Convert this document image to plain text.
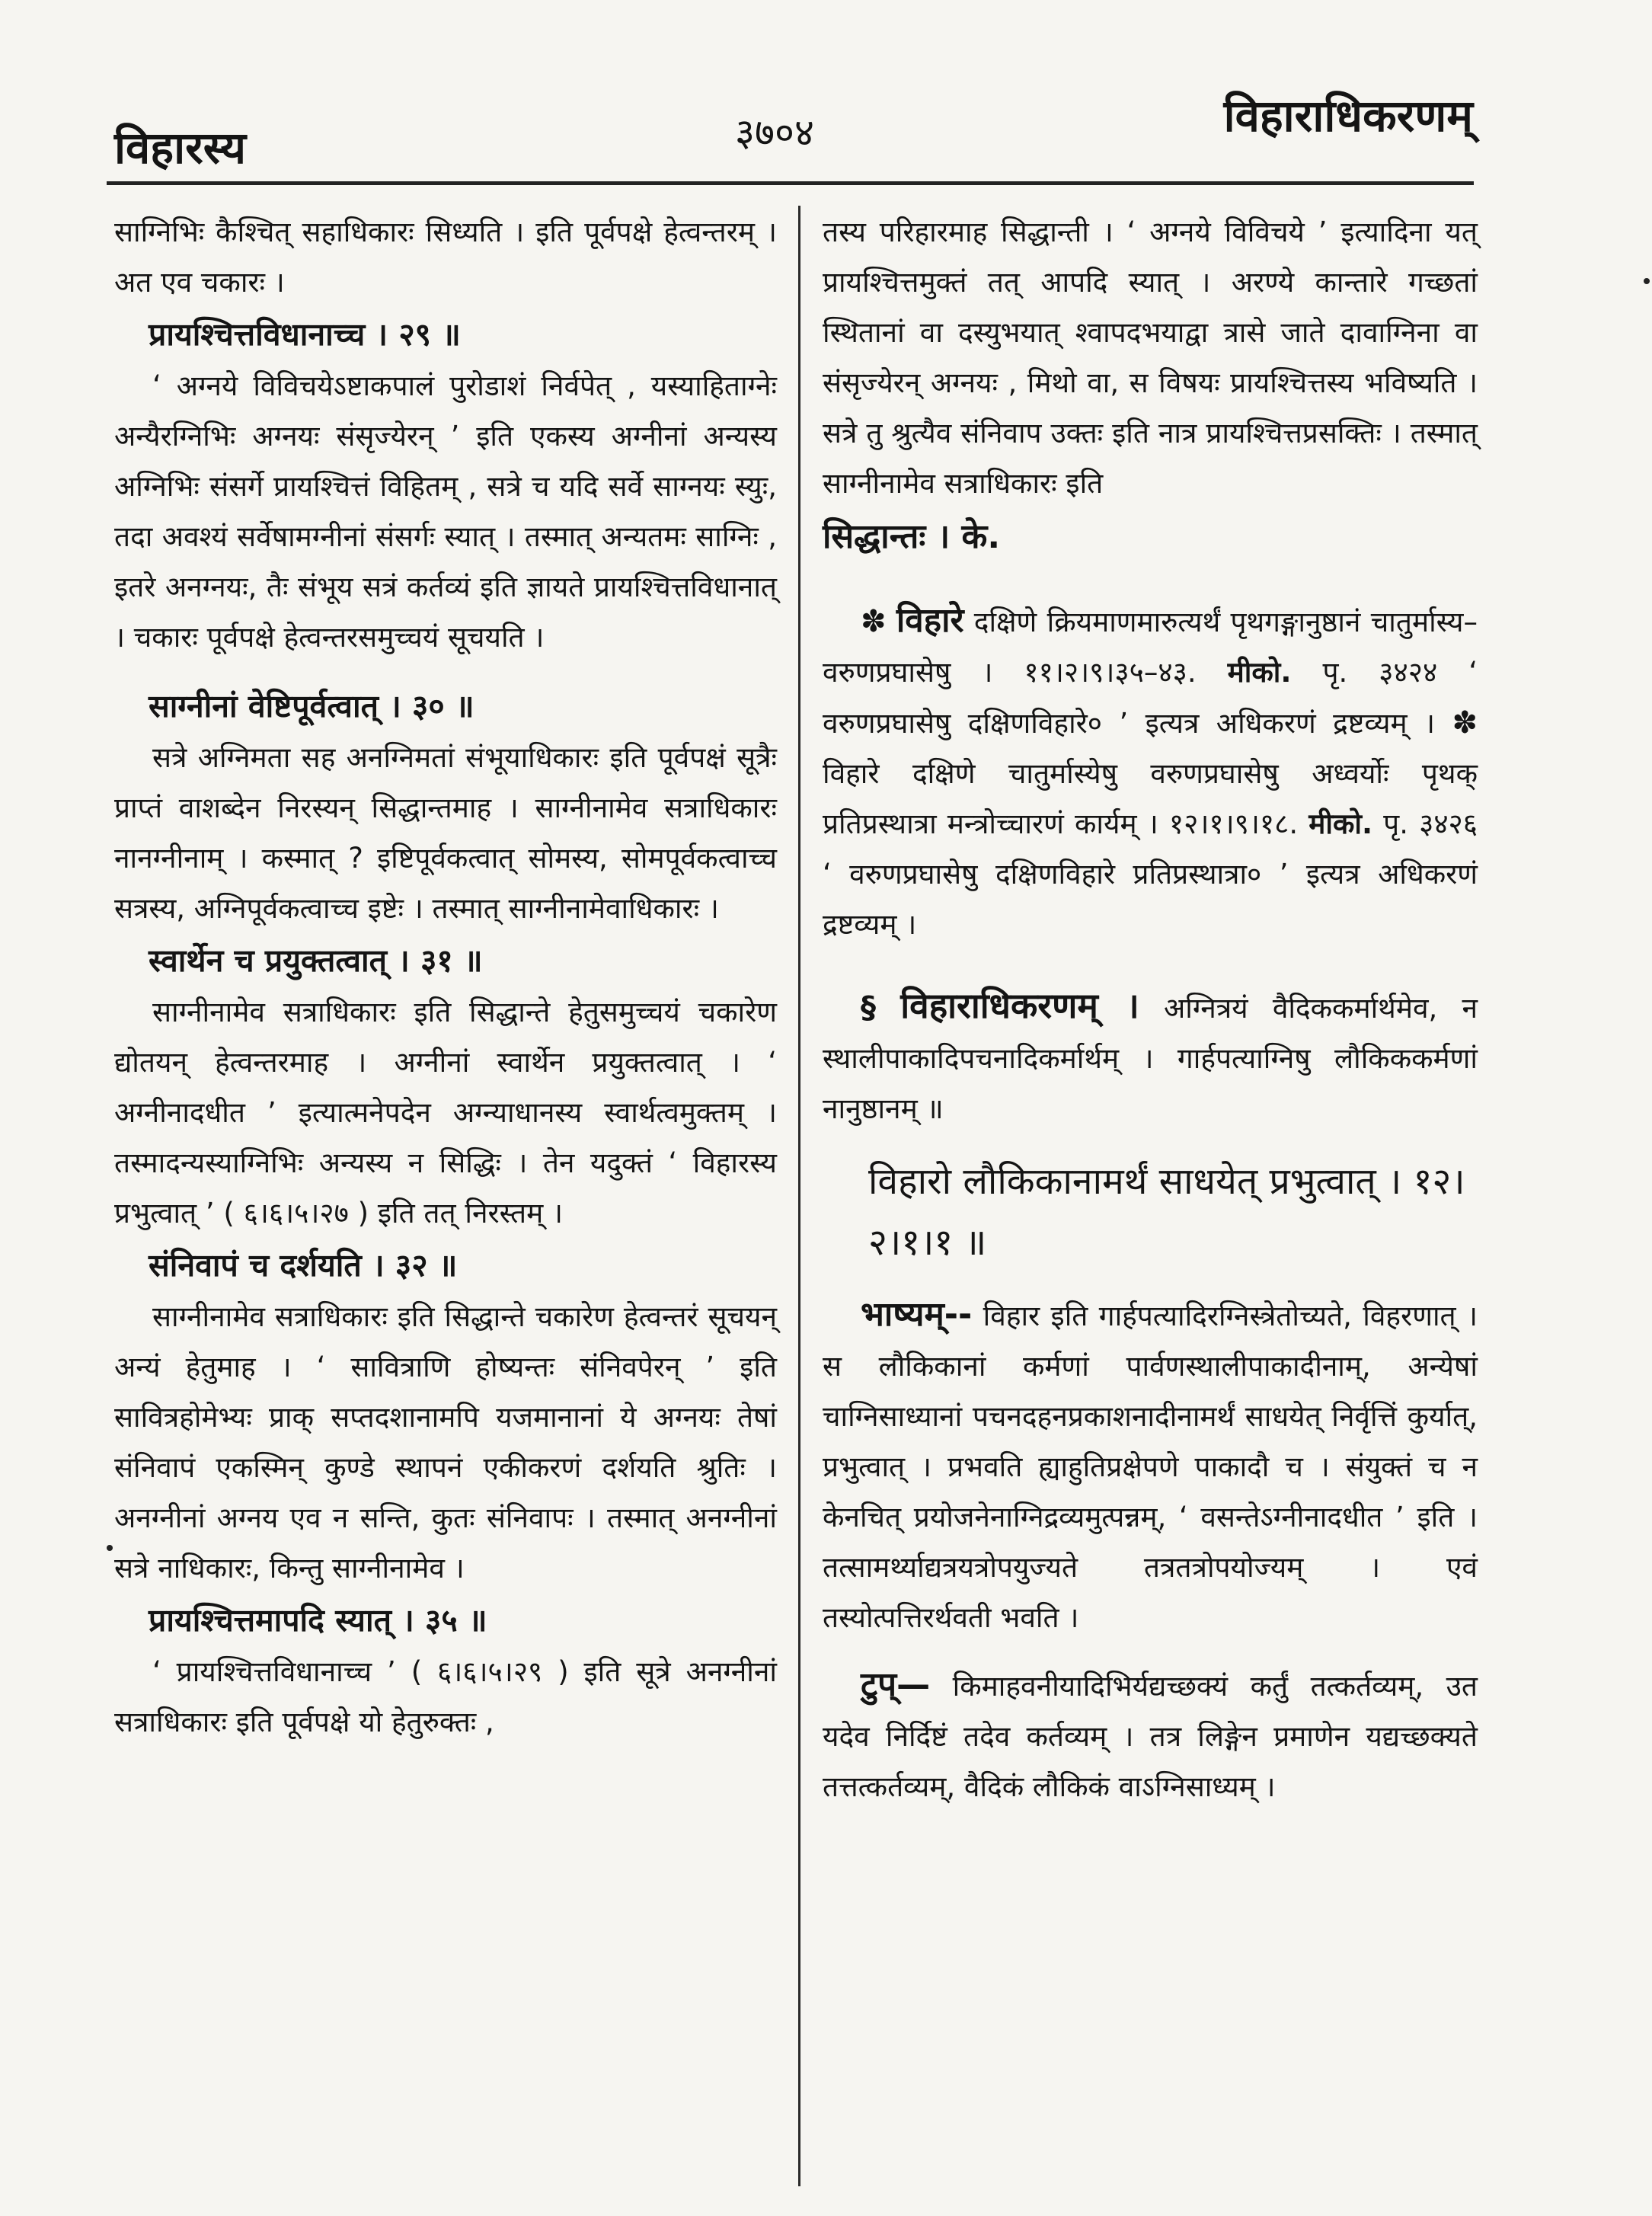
विहारस्य	३७०४	विहाराधिकरणम्

साग्निभिः कैश्चित् सहाधिकारः सिध्यति । इति पूर्वपक्षे हेत्वन्तरम् । अत एव चकारः ।

प्रायश्चित्तविधानाच्च । २९ ॥

‘ अग्नये विविचयेऽष्टाकपालं पुरोडाशं निर्वपेत् , यस्याहिताग्नेः अन्यैरग्निभिः अग्नयः संसृज्येरन् ’ इति एकस्य अग्नीनां अन्यस्य अग्निभिः संसर्गे प्रायश्चित्तं विहितम् , सत्रे च यदि सर्वे साग्नयः स्युः, तदा अवश्यं सर्वेषामग्नीनां संसर्गः स्यात् । तस्मात् अन्यतमः साग्निः , इतरे अनग्नयः, तैः संभूय सत्रं कर्तव्यं इति ज्ञायते प्रायश्चित्तविधानात् । चकारः पूर्वपक्षे हेत्वन्तरसमुच्चयं सूचयति ।

साग्नीनां वेष्टिपूर्वत्वात् । ३० ॥

सत्रे अग्निमता सह अनग्निमतां संभूयाधिकारः इति पूर्वपक्षं सूत्रैः प्राप्तं वाशब्देन निरस्यन् सिद्धान्तमाह । साग्नीनामेव सत्राधिकारः नानग्नीनाम् । कस्मात् ? इष्टिपूर्वकत्वात् सोमस्य, सोमपूर्वकत्वाच्च सत्रस्य, अग्निपूर्वकत्वाच्च इष्टेः । तस्मात् साग्नीनामेवाधिकारः ।

स्वार्थेन च प्रयुक्तत्वात् । ३१ ॥

साग्नीनामेव सत्राधिकारः इति सिद्धान्ते हेतुसमुच्चयं चकारेण द्योतयन् हेत्वन्तरमाह । अग्नीनां स्वार्थेन प्रयुक्तत्वात् । ‘ अग्नीनादधीत ’ इत्यात्मनेपदेन अग्न्याधानस्य स्वार्थत्वमुक्तम् । तस्मादन्यस्याग्निभिः अन्यस्य न सिद्धिः । तेन यदुक्तं ‘ विहारस्य प्रभुत्वात् ’ ( ६।६।५।२७ ) इति तत् निरस्तम् ।

संनिवापं च दर्शयति । ३२ ॥

साग्नीनामेव सत्राधिकारः इति सिद्धान्ते चकारेण हेत्वन्तरं सूचयन् अन्यं हेतुमाह । ‘ सावित्राणि होष्यन्तः संनिवपेरन् ’ इति सावित्रहोमेभ्यः प्राक् सप्तदशानामपि यजमानानां ये अग्नयः तेषां संनिवापं एकस्मिन् कुण्डे स्थापनं एकीकरणं दर्शयति श्रुतिः । अनग्नीनां अग्नय एव न सन्ति, कुतः संनिवापः । तस्मात् अनग्नीनां सत्रे नाधिकारः, किन्तु साग्नीनामेव ।

प्रायश्चित्तमापदि स्यात् । ३५ ॥

‘ प्रायश्चित्तविधानाच्च ’ ( ६।६।५।२९ ) इति सूत्रे अनग्नीनां सत्राधिकारः इति पूर्वपक्षे यो हेतुरुक्तः ,

तस्य परिहारमाह सिद्धान्ती । ‘ अग्नये विविचये ’ इत्यादिना यत् प्रायश्चित्तमुक्तं तत् आपदि स्यात् । अरण्ये कान्तारे गच्छतां स्थितानां वा दस्युभयात् श्वापदभयाद्वा त्रासे जाते दावाग्निना वा संसृज्येरन् अग्नयः , मिथो वा, स विषयः प्रायश्चित्तस्य भविष्यति । सत्रे तु श्रुत्यैव संनिवाप उक्तः इति नात्र प्रायश्चित्तप्रसक्तिः । तस्मात् साग्नीनामेव सत्राधिकारः इति

सिद्धान्तः । के.

✽ विहारे दक्षिणे क्रियमाणमारुत्यर्थं पृथगङ्गानुष्ठानं चातुर्मास्य–वरुणप्रघासेषु । ११।२।९।३५–४३. मीको. पृ. ३४२४ ‘ वरुणप्रघासेषु दक्षिणविहारे० ’ इत्यत्र अधिकरणं द्रष्टव्यम् । ✽ विहारे दक्षिणे चातुर्मास्येषु वरुणप्रघासेषु अध्वर्योः पृथक् प्रतिप्रस्थात्रा मन्त्रोच्चारणं कार्यम् । १२।१।९।१८. मीको. पृ. ३४२६ ‘ वरुणप्रघासेषु दक्षिणविहारे प्रतिप्रस्थात्रा० ’ इत्यत्र अधिकरणं द्रष्टव्यम् ।

§ विहाराधिकरणम् । अग्नित्रयं वैदिककर्मार्थमेव, न स्थालीपाकादिपचनादिकर्मार्थम् । गार्हपत्याग्निषु लौकिककर्मणां नानुष्ठानम् ॥

विहारो लौकिकानामर्थं साधयेत् प्रभुत्वात् । १२।२।१।१ ॥

भाष्यम्-- विहार इति गार्हपत्यादिरग्निस्त्रेतोच्यते, विहरणात् । स लौकिकानां कर्मणां पार्वणस्थालीपाकादीनाम्, अन्येषां चाग्निसाध्यानां पचनदहनप्रकाशनादीनामर्थं साधयेत् निर्वृत्तिं कुर्यात्, प्रभुत्वात् । प्रभवति ह्याहुतिप्रक्षेपणे पाकादौ च । संयुक्तं च न केनचित् प्रयोजनेनाग्निद्रव्यमुत्पन्नम्, ‘ वसन्तेऽग्नीनादधीत ’ इति । तत्सामर्थ्याद्यत्रयत्रोपयुज्यते तत्रतत्रोपयोज्यम् । एवं तस्योत्पत्तिरर्थवती भवति ।

टुप्— किमाहवनीयादिभिर्यद्यच्छक्यं कर्तुं तत्कर्तव्यम्, उत यदेव निर्दिष्टं तदेव कर्तव्यम् । तत्र लिङ्गेन प्रमाणेन यद्यच्छक्यते तत्तत्कर्तव्यम्, वैदिकं लौकिकं वाऽग्निसाध्यम् ।
